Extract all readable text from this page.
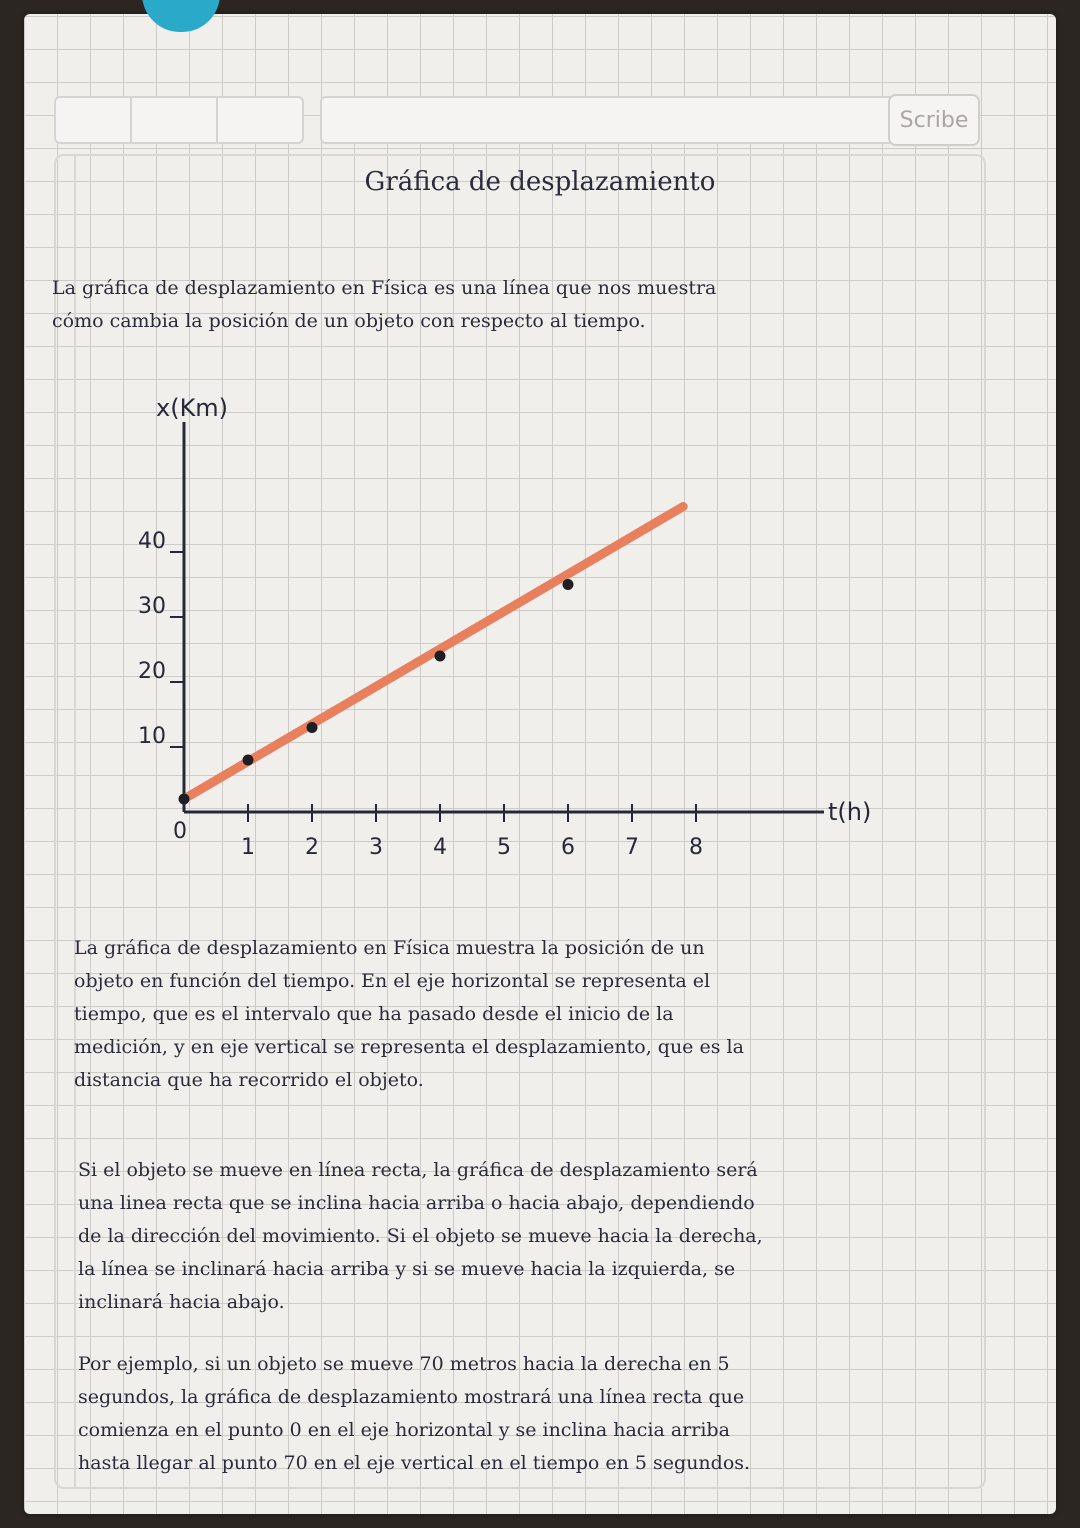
Scribe
Gráfica de desplazamiento
La gráfica de desplazamiento en Física es una línea que nos muestra
cómo cambia la posición de un objeto con respecto al tiempo.
x(Km)
t(h)
10
20
30
40
0
1 2 3 4 5 6 7 8
La gráfica de desplazamiento en Física muestra la posición de un
objeto en función del tiempo. En el eje horizontal se representa el
tiempo, que es el intervalo que ha pasado desde el inicio de la
medición, y en eje vertical se representa el desplazamiento, que es la
distancia que ha recorrido el objeto.
Si el objeto se mueve en línea recta, la gráfica de desplazamiento será
una linea recta que se inclina hacia arriba o hacia abajo, dependiendo
de la dirección del movimiento. Si el objeto se mueve hacia la derecha,
la línea se inclinará hacia arriba y si se mueve hacia la izquierda, se
inclinará hacia abajo.
Por ejemplo, si un objeto se mueve 70 metros hacia la derecha en 5
segundos, la gráfica de desplazamiento mostrará una línea recta que
comienza en el punto 0 en el eje horizontal y se inclina hacia arriba
hasta llegar al punto 70 en el eje vertical en el tiempo en 5 segundos.
